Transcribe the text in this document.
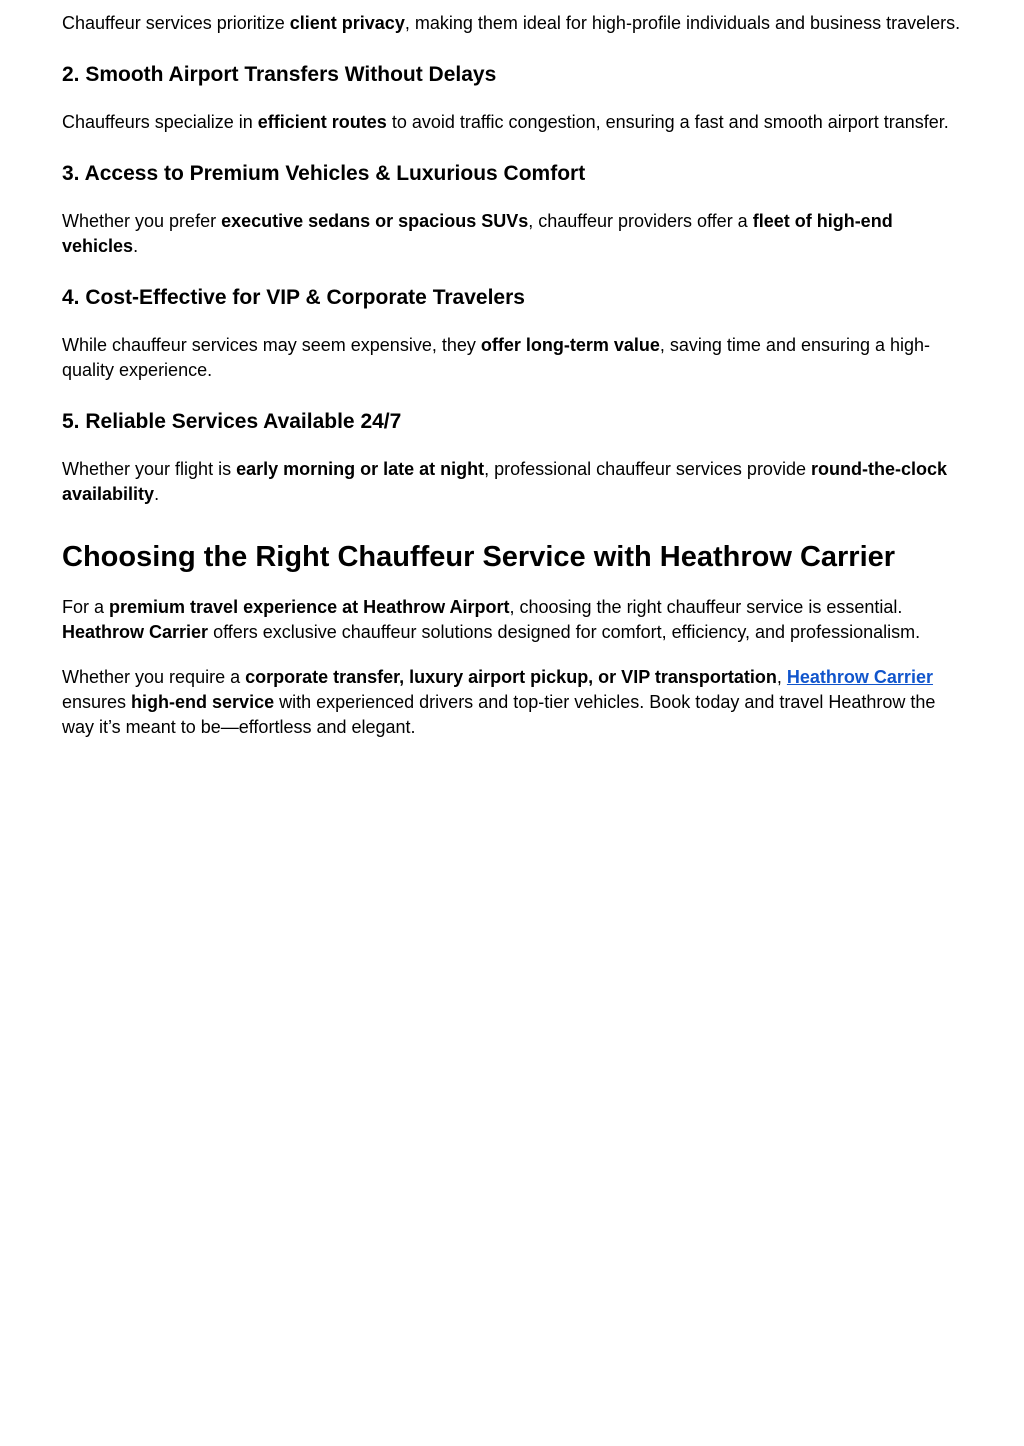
Chauffeur services prioritize client privacy, making them ideal for high-profile individuals and business travelers.

2. Smooth Airport Transfers Without Delays

Chauffeurs specialize in efficient routes to avoid traffic congestion, ensuring a fast and smooth airport transfer.

3. Access to Premium Vehicles & Luxurious Comfort

Whether you prefer executive sedans or spacious SUVs, chauffeur providers offer a fleet of high-end vehicles.

4. Cost-Effective for VIP & Corporate Travelers

While chauffeur services may seem expensive, they offer long-term value, saving time and ensuring a high-quality experience.

5. Reliable Services Available 24/7

Whether your flight is early morning or late at night, professional chauffeur services provide round-the-clock availability.

Choosing the Right Chauffeur Service with Heathrow Carrier

For a premium travel experience at Heathrow Airport, choosing the right chauffeur service is essential. Heathrow Carrier offers exclusive chauffeur solutions designed for comfort, efficiency, and professionalism.

Whether you require a corporate transfer, luxury airport pickup, or VIP transportation, Heathrow Carrier ensures high-end service with experienced drivers and top-tier vehicles. Book today and travel Heathrow the way it’s meant to be—effortless and elegant.
